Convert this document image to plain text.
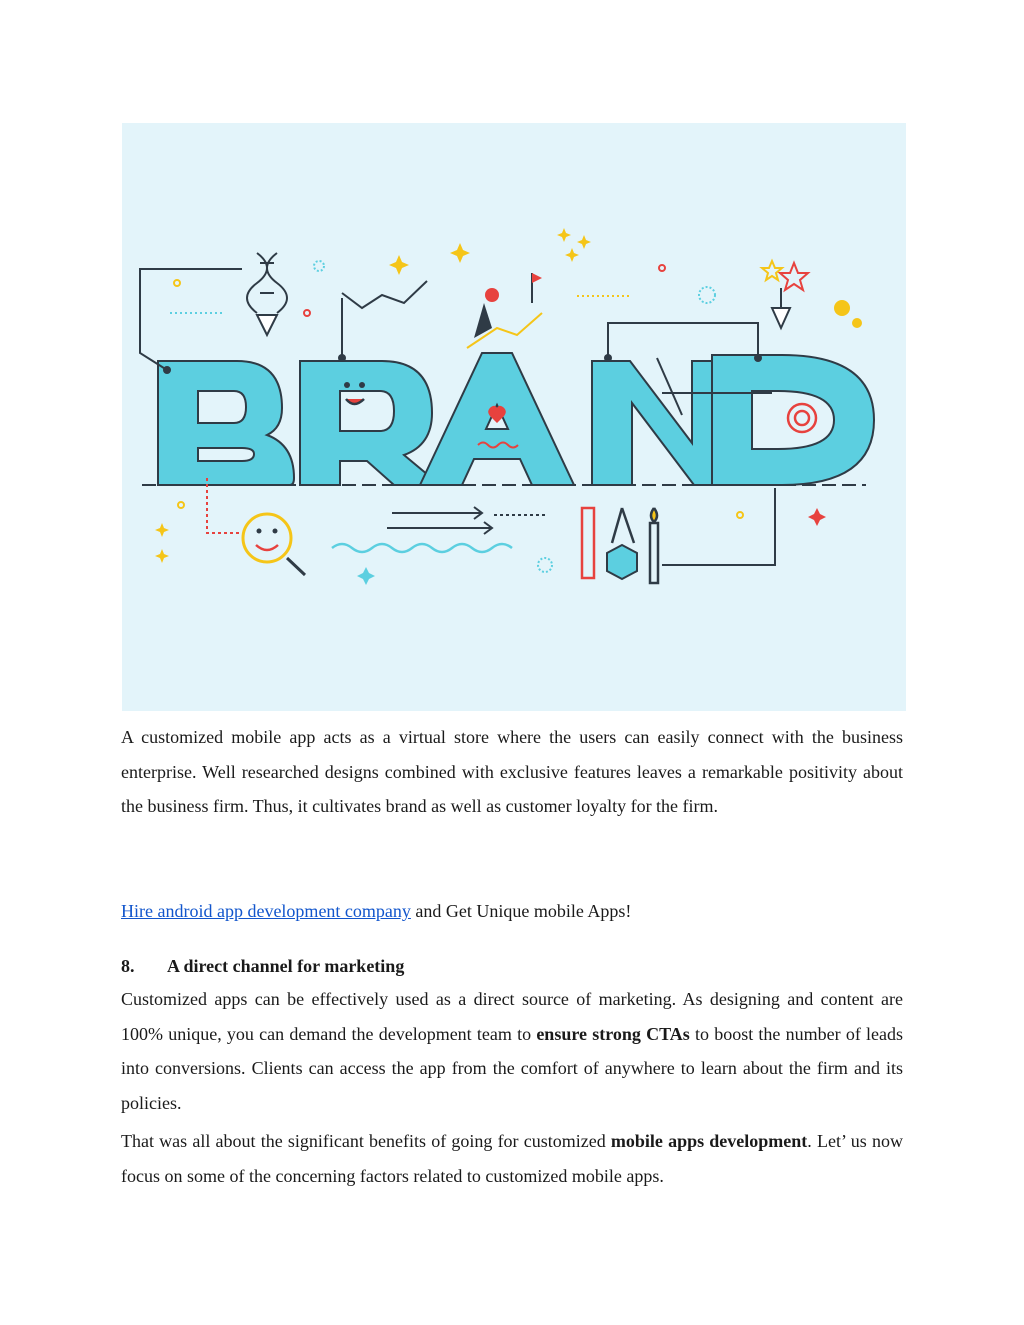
A customized mobile app acts as a virtual store where the users can easily connect with the business enterprise. Well researched designs combined with exclusive features leaves a remarkable positivity about the business firm. Thus, it cultivates brand as well as customer loyalty for the firm.
Hire android app development company and Get Unique mobile Apps!
8. A direct channel for marketing
Customized apps can be effectively used as a direct source of marketing. As designing and content are 100% unique, you can demand the development team to ensure strong CTAs to boost the number of leads into conversions. Clients can access the app from the comfort of anywhere to learn about the firm and its policies.
That was all about the significant benefits of going for customized mobile apps development. Let’ us now focus on some of the concerning factors related to customized mobile apps.
